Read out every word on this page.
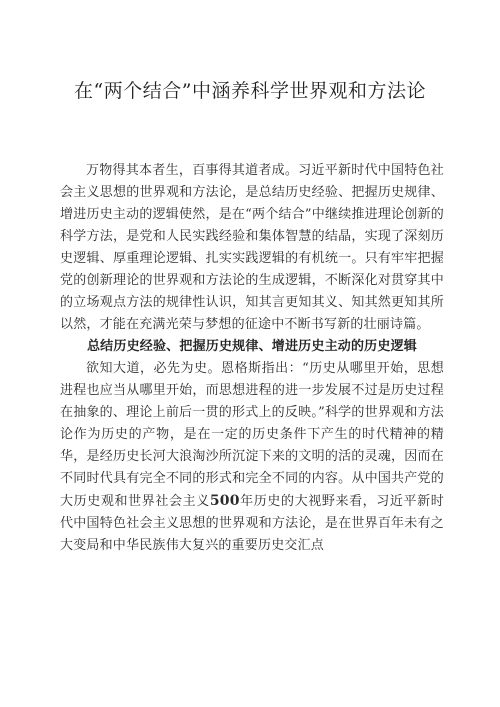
在“两个结合”中涵养科学世界观和方法论

万物得其本者生，百事得其道者成。习近平新时代中国特色社会主义思想的世界观和方法论，是总结历史经验、把握历史规律、增进历史主动的逻辑使然，是在“两个结合”中继续推进理论创新的科学方法，是党和人民实践经验和集体智慧的结晶，实现了深刻历史逻辑、厚重理论逻辑、扎实实践逻辑的有机统一。只有牢牢把握党的创新理论的世界观和方法论的生成逻辑，不断深化对贯穿其中的立场观点方法的规律性认识，知其言更知其义、知其然更知其所以然，才能在充满光荣与梦想的征途中不断书写新的壮丽诗篇。

总结历史经验、把握历史规律、增进历史主动的历史逻辑

欲知大道，必先为史。恩格斯指出：“历史从哪里开始，思想进程也应当从哪里开始，而思想进程的进一步发展不过是历史过程在抽象的、理论上前后一贯的形式上的反映。”科学的世界观和方法论作为历史的产物，是在一定的历史条件下产生的时代精神的精华，是经历史长河大浪淘沙所沉淀下来的文明的活的灵魂，因而在不同时代具有完全不同的形式和完全不同的内容。从中国共产党的大历史观和世界社会主义500年历史的大视野来看，习近平新时代中国特色社会主义思想的世界观和方法论，是在世界百年未有之大变局和中华民族伟大复兴的重要历史交汇点
